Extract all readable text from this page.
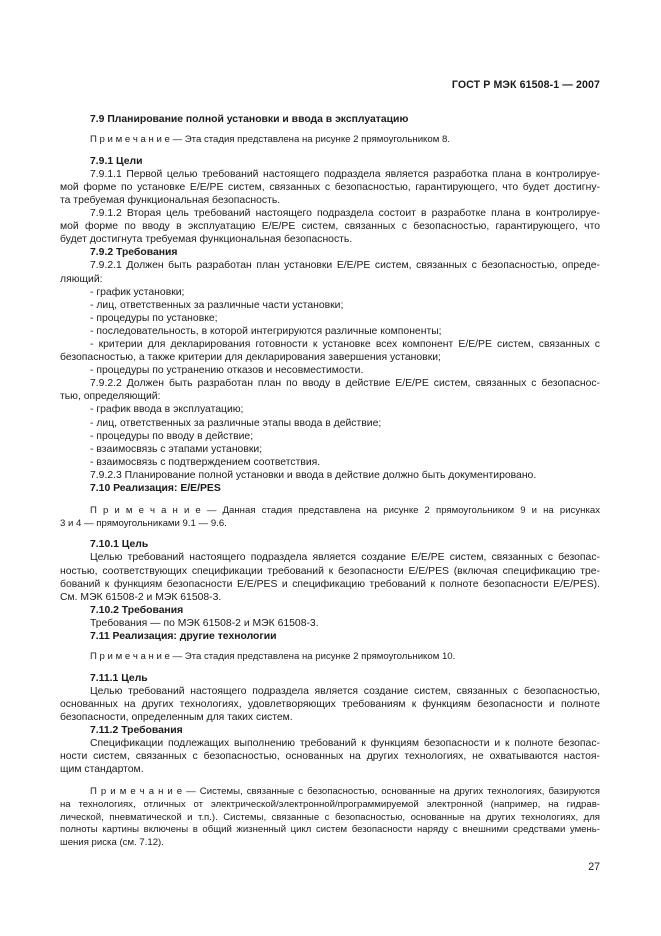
ГОСТ Р МЭК 61508-1 — 2007
7.9 Планирование полной установки и ввода в эксплуатацию
П р и м е ч а н и е — Эта стадия представлена на рисунке 2 прямоугольником 8.
7.9.1 Цели
7.9.1.1 Первой целью требований настоящего подраздела является разработка плана в контролируе-
мой форме по установке Е/Е/РЕ систем, связанных с безопасностью, гарантирующего, что будет достигну-
та требуемая функциональная безопасность.
7.9.1.2 Вторая цель требований настоящего подраздела состоит в разработке плана в контролируе-
мой форме по вводу в эксплуатацию Е/Е/РЕ систем, связанных с безопасностью, гарантирующего, что
будет достигнута требуемая функциональная безопасность.
7.9.2 Требования
7.9.2.1 Должен быть разработан план установки Е/Е/РЕ систем, связанных с безопасностью, опреде-
ляющий:
- график установки;
- лиц, ответственных за различные части установки;
- процедуры по установке;
- последовательность, в которой интегрируются различные компоненты;
- критерии для декларирования готовности к установке всех компонент Е/Е/РЕ систем, связанных с
безопасностью, а также критерии для декларирования завершения установки;
- процедуры по устранению отказов и несовместимости.
7.9.2.2 Должен быть разработан план по вводу в действие Е/Е/РЕ систем, связанных с безопаснос-
тью, определяющий:
- график ввода в эксплуатацию;
- лиц, ответственных за различные этапы ввода в действие;
- процедуры по вводу в действие;
- взаимосвязь с этапами установки;
- взаимосвязь с подтверждением соответствия.
7.9.2.3 Планирование полной установки и ввода в действие должно быть документировано.
7.10 Реализация: Е/Е/PES
П р и м е ч а н и е — Данная стадия представлена на рисунке 2 прямоугольником 9 и на рисунках
3 и 4 — прямоугольниками 9.1 — 9.6.
7.10.1 Цель
Целью требований настоящего подраздела является создание Е/Е/РЕ систем, связанных с безопас-
ностью, соответствующих спецификации требований к безопасности Е/Е/PES (включая спецификацию тре-
бований к функциям безопасности Е/Е/PES и спецификацию требований к полноте безопасности Е/Е/PES).
См. МЭК 61508-2 и МЭК 61508-3.
7.10.2 Требования
Требования — по МЭК 61508-2 и МЭК 61508-3.
7.11 Реализация: другие технологии
П р и м е ч а н и е — Эта стадия представлена на рисунке 2 прямоугольником 10.
7.11.1 Цель
Целью требований настоящего подраздела является создание систем, связанных с безопасностью,
основанных на других технологиях, удовлетворяющих требованиям к функциям безопасности и полноте
безопасности, определенным для таких систем.
7.11.2 Требования
Спецификации подлежащих выполнению требований к функциям безопасности и к полноте безопас-
ности систем, связанных с безопасностью, основанных на других технологиях, не охватываются настоя-
щим стандартом.
П р и м е ч а н и е — Системы, связанные с безопасностью, основанные на других технологиях, базируются
на технологиях, отличных от электрической/электронной/программируемой электронной (например, на гидрав-
лической, пневматической и т.п.). Системы, связанные с безопасностью, основанные на других технологиях, для
полноты картины включены в общий жизненный цикл систем безопасности наряду с внешними средствами умень-
шения риска (см. 7.12).
27
